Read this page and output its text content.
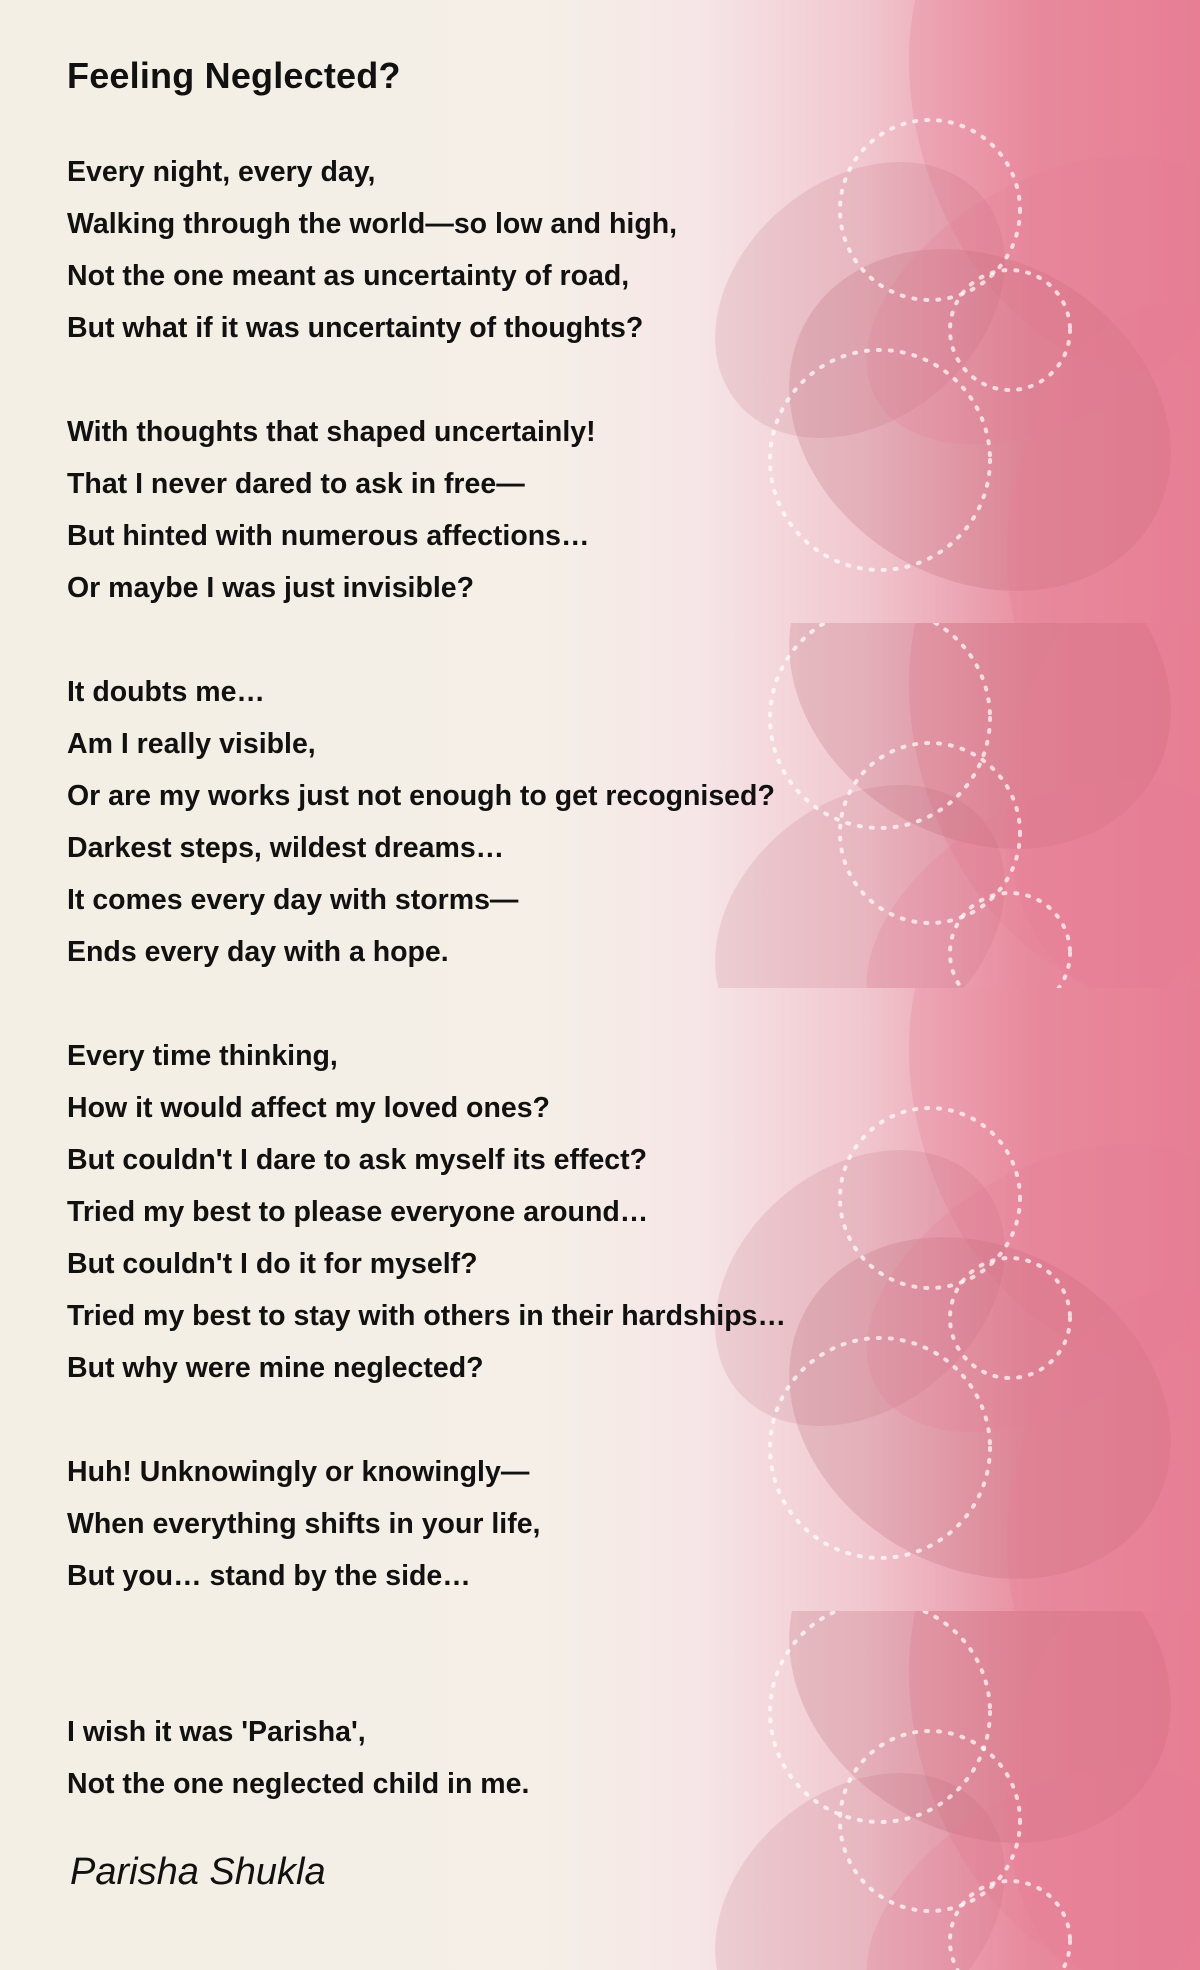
Feeling Neglected?
Every night, every day,
Walking through the world—so low and high,
Not the one meant as uncertainty of road,
But what if it was uncertainty of thoughts?
With thoughts that shaped uncertainly!
That I never dared to ask in free—
But hinted with numerous affections…
Or maybe I was just invisible?
It doubts me…
Am I really visible,
Or are my works just not enough to get recognised?
Darkest steps, wildest dreams…
It comes every day with storms—
Ends every day with a hope.
Every time thinking,
How it would affect my loved ones?
But couldn't I dare to ask myself its effect?
Tried my best to please everyone around…
But couldn't I do it for myself?
Tried my best to stay with others in their hardships…
But why were mine neglected?
Huh! Unknowingly or knowingly—
When everything shifts in your life,
But you… stand by the side…
I wish it was 'Parisha',
Not the one neglected child in me.
Parisha Shukla
